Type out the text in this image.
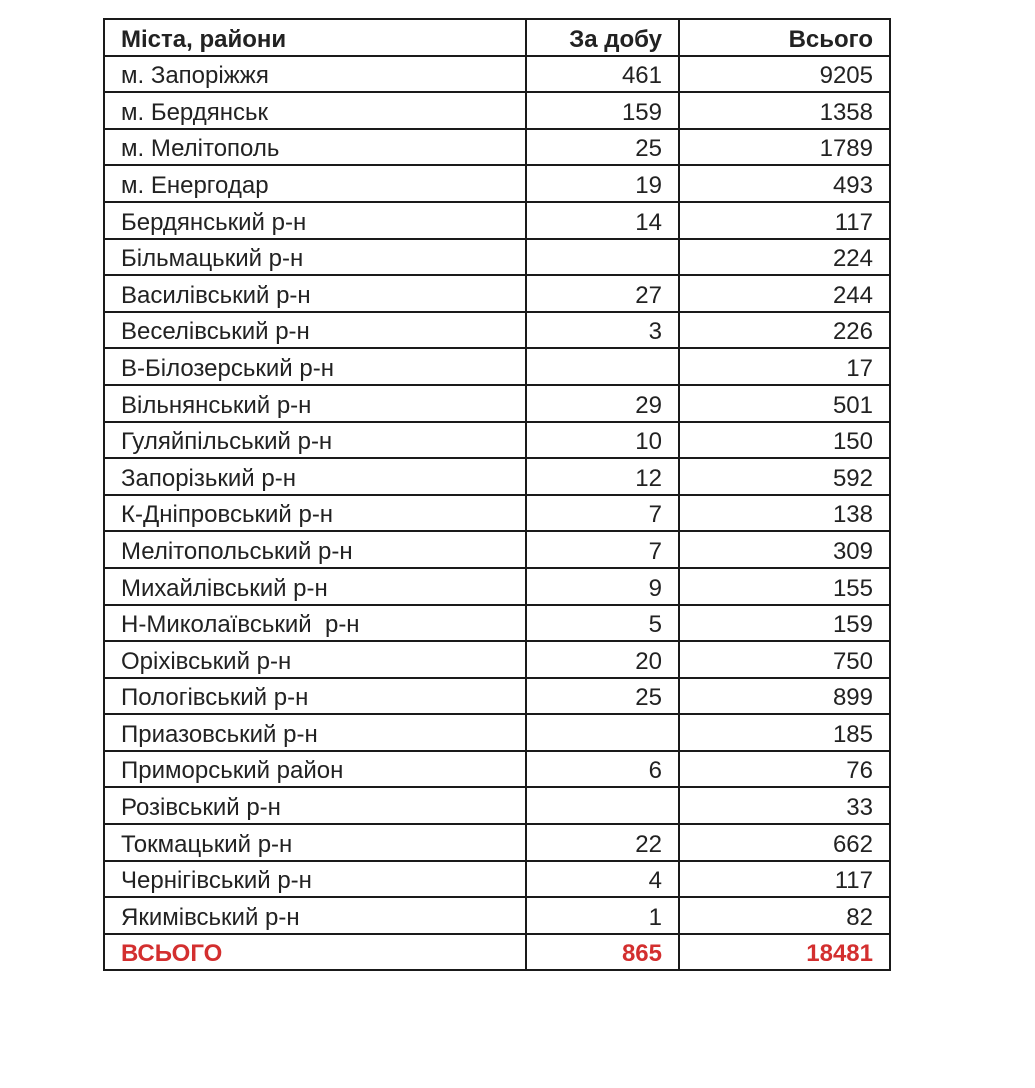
Міста, райони	За добу	Всього
м. Запоріжжя	461	9205
м. Бердянськ	159	1358
м. Мелітополь	25	1789
м. Енергодар	19	493
Бердянський р-н	14	117
Більмацький р-н		224
Василівський р-н	27	244
Веселівський р-н	3	226
В-Білозерський р-н		17
Вільнянський р-н	29	501
Гуляйпільський р-н	10	150
Запорізький р-н	12	592
К-Дніпровський р-н	7	138
Мелітопольський р-н	7	309
Михайлівський р-н	9	155
Н-Миколаївський  р-н	5	159
Оріхівський р-н	20	750
Пологівський р-н	25	899
Приазовський р-н		185
Приморський район	6	76
Розівський р-н		33
Токмацький р-н	22	662
Чернігівський р-н	4	117
Якимівський р-н	1	82
ВСЬОГО	865	18481
